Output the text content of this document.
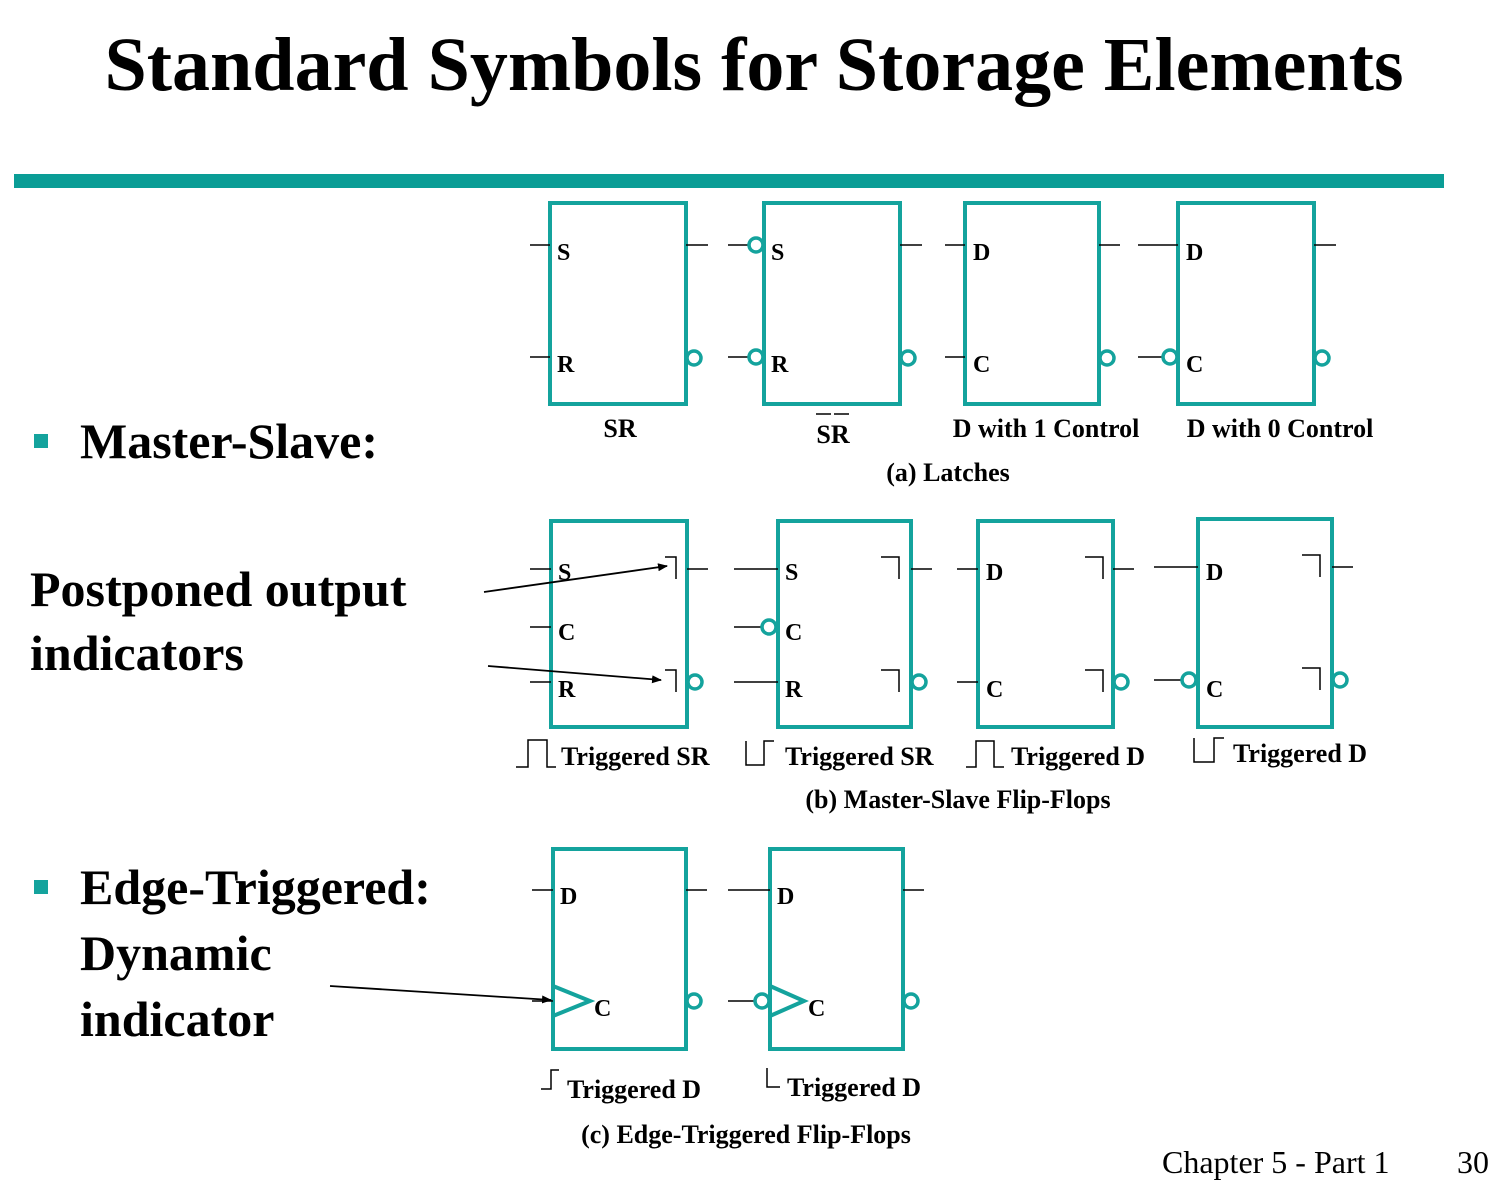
Standard Symbols for Storage Elements
Master-Slave:
Postponed output
indicators
Edge-Triggered:
Dynamic
indicator
S
R
SR
S
R
SR
D
C
D with 1 Control
D
C
D with 0 Control
(a) Latches
S
C
R
Triggered SR
S
C
R
Triggered SR
D
C
Triggered D
D
C
Triggered D
(b) Master-Slave Flip-Flops
D
C
Triggered D
D
C
Triggered D
(c) Edge-Triggered Flip-Flops
Chapter 5 - Part 1 30
